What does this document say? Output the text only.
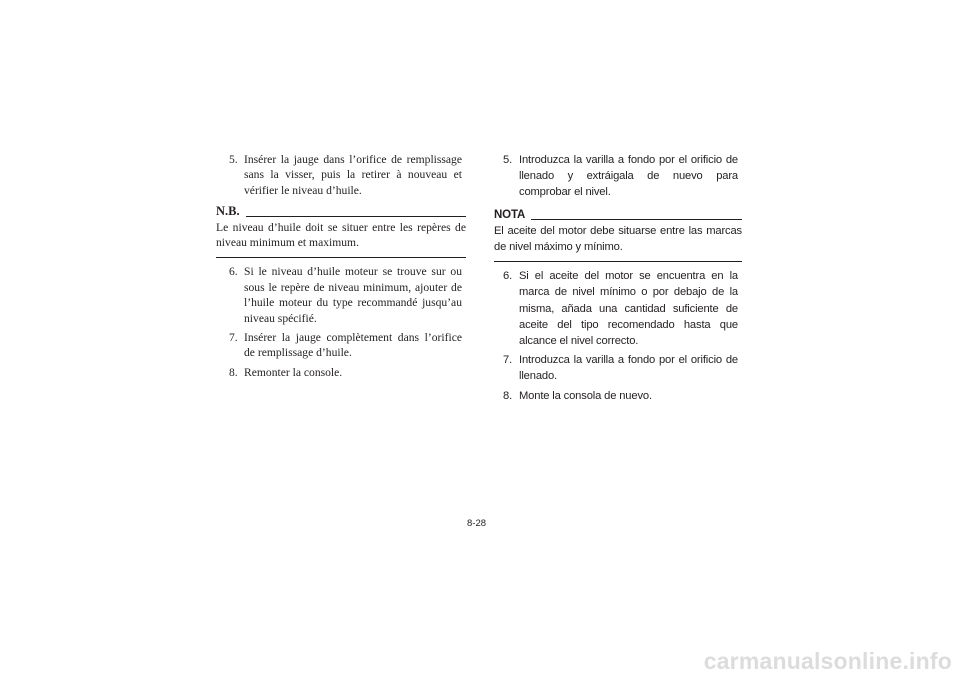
5. Insérer la jauge dans l’orifice de remplissage sans la visser, puis la retirer à nouveau et vérifier le niveau d’huile.
N.B.
Le niveau d’huile doit se situer entre les repères de niveau minimum et maximum.
6. Si le niveau d’huile moteur se trouve sur ou sous le repère de niveau minimum, ajouter de l’huile moteur du type recommandé jusqu’au niveau spécifié.
7. Insérer la jauge complètement dans l’orifice de remplissage d’huile.
8. Remonter la console.
5. Introduzca la varilla a fondo por el orificio de llenado y extráigala de nuevo para comprobar el nivel.
NOTA
El aceite del motor debe situarse entre las marcas de nivel máximo y mínimo.
6. Si el aceite del motor se encuentra en la marca de nivel mínimo o por debajo de la misma, añada una cantidad suficiente de aceite del tipo recomendado hasta que alcance el nivel correcto.
7. Introduzca la varilla a fondo por el orificio de llenado.
8. Monte la consola de nuevo.
8-28
carmanualsonline.info
